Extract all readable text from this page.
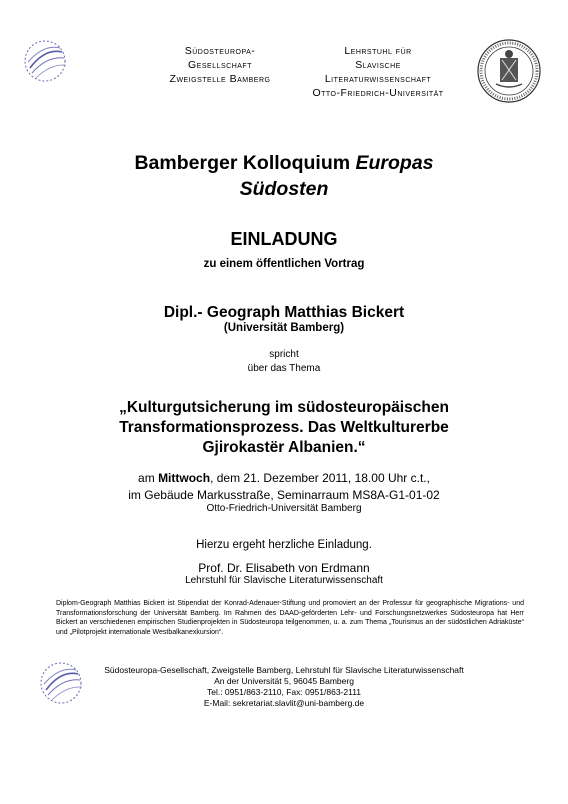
Südosteuropa-
Gesellschaft
Zweigstelle Bamberg
Lehrstuhl für
Slavische
Literaturwissenschaft
Otto-Friedrich-Universität
Bamberger Kolloquium Europas
Südosten
EINLADUNG
zu einem öffentlichen Vortrag
Dipl.- Geograph Matthias Bickert
(Universität Bamberg)
spricht
über das Thema
„Kulturgutsicherung im südosteuropäischen
Transformationsprozess. Das Weltkulturerbe
Gjirokastër Albanien.“
am Mittwoch, dem 21. Dezember 2011, 18.00 Uhr c.t.,
im Gebäude Markusstraße, Seminarraum MS8A-G1-01-02
Otto-Friedrich-Universität Bamberg
Hierzu ergeht herzliche Einladung.
Prof. Dr. Elisabeth von Erdmann
Lehrstuhl für Slavische Literaturwissenschaft
Diplom-Geograph Matthias Bickert ist Stipendiat der Konrad-Adenauer-Stiftung und promoviert an der Professur für geographische Migrations- und Transformationsforschung der Universität Bamberg. Im Rahmen des DAAD-geförderten Lehr- und Forschungsnetzwerkes Südosteuropa hat Herr Bickert an verschiedenen empirischen Studienprojekten in Südosteuropa teilgenommen, u. a. zum Thema „Tourismus an der südöstlichen Adriaküste“ und „Pilotprojekt internationale Westbalkanexkursion“.
Südosteuropa-Gesellschaft, Zweigstelle Bamberg, Lehrstuhl für Slavische Literaturwissenschaft
An der Universität 5, 96045 Bamberg
Tel.: 0951/863-2110, Fax: 0951/863-2111
E-Mail: sekretariat.slavlit@uni-bamberg.de
